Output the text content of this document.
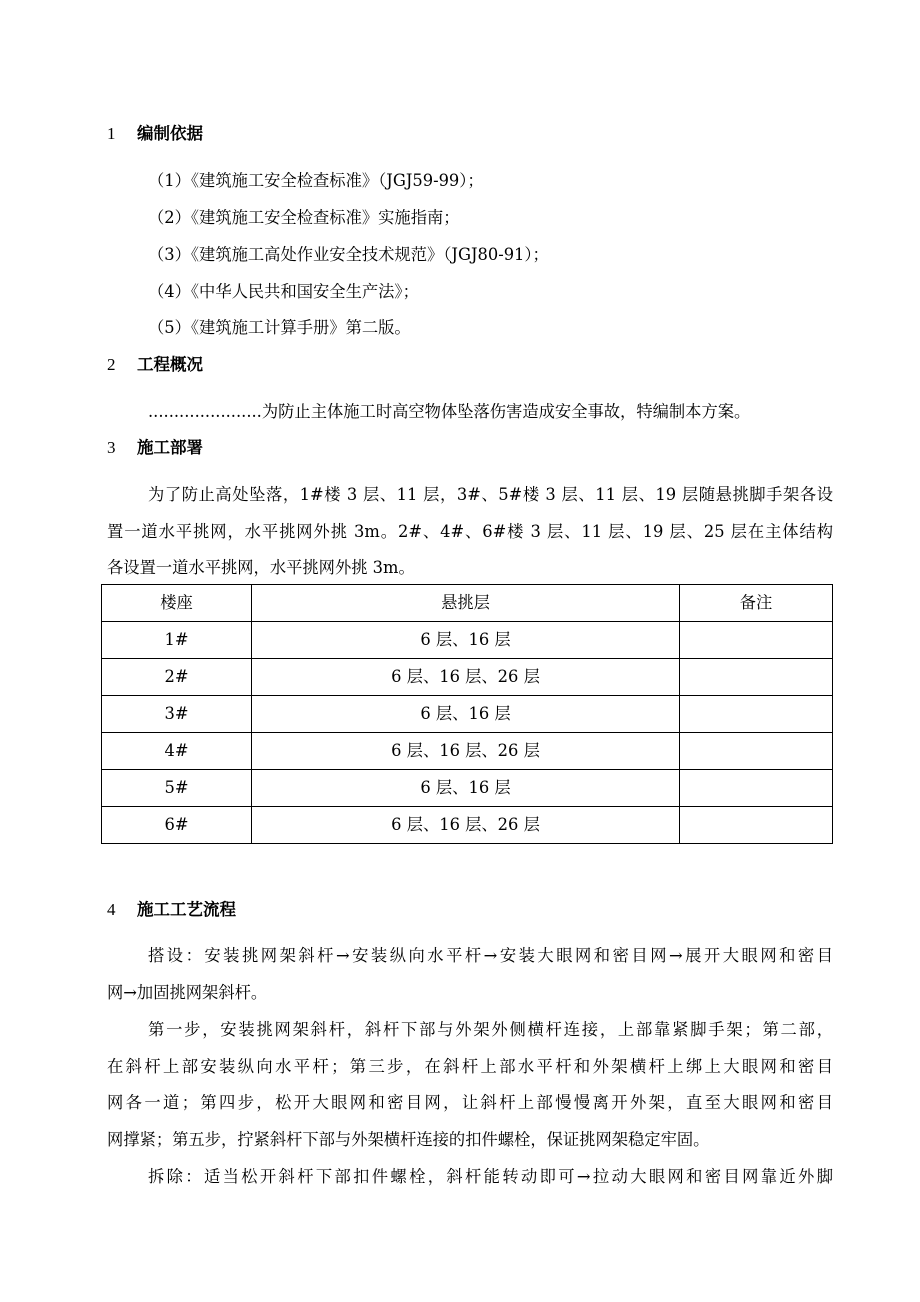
1 编制依据
（1）《建筑施工安全检查标准》（JGJ59-99）；
（2）《建筑施工安全检查标准》实施指南；
（3）《建筑施工高处作业安全技术规范》（JGJ80-91）；
（4）《中华人民共和国安全生产法》；
（5）《建筑施工计算手册》第二版。
2 工程概况
......................为防止主体施工时高空物体坠落伤害造成安全事故，特编制本方案。
3 施工部署
为了防止高处坠落，1#楼 3 层、11 层，3#、5#楼 3 层、11 层、19 层随悬挑脚手架各设
置一道水平挑网，水平挑网外挑 3m。2#、4#、6#楼 3 层、11 层、19 层、25 层在主体结构
各设置一道水平挑网，水平挑网外挑 3m。
楼座	悬挑层	备注
1#	6 层、16 层	
2#	6 层、16 层、26 层	
3#	6 层、16 层	
4#	6 层、16 层、26 层	
5#	6 层、16 层	
6#	6 层、16 层、26 层	
4 施工工艺流程
搭设：安装挑网架斜杆→安装纵向水平杆→安装大眼网和密目网→展开大眼网和密目
网→加固挑网架斜杆。
第一步，安装挑网架斜杆，斜杆下部与外架外侧横杆连接，上部靠紧脚手架；第二部，
在斜杆上部安装纵向水平杆；第三步，在斜杆上部水平杆和外架横杆上绑上大眼网和密目
网各一道；第四步，松开大眼网和密目网，让斜杆上部慢慢离开外架，直至大眼网和密目
网撑紧；第五步，拧紧斜杆下部与外架横杆连接的扣件螺栓，保证挑网架稳定牢固。
拆除：适当松开斜杆下部扣件螺栓，斜杆能转动即可→拉动大眼网和密目网靠近外脚
